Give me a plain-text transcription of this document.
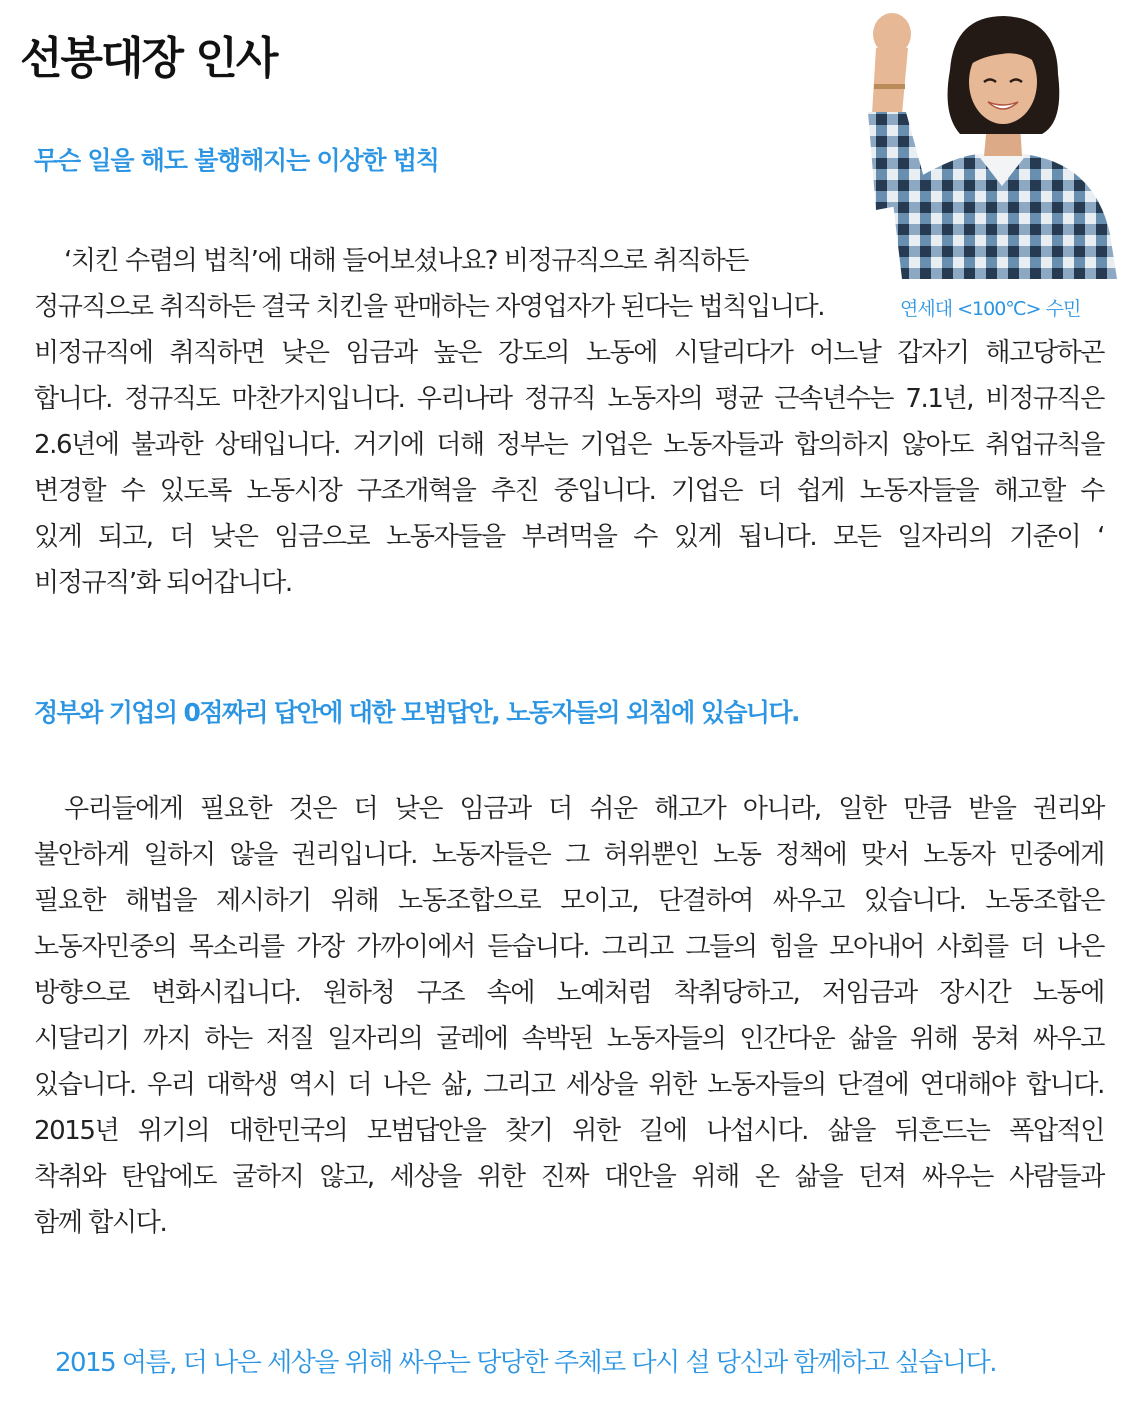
선봉대장 인사
무슨 일을 해도 불행해지는 이상한 법칙
‘치킨 수렴의 법칙’에 대해 들어보셨나요? 비정규직으로 취직하든
정규직으로 취직하든 결국 치킨을 판매하는 자영업자가 된다는 법칙입니다.
비정규직에 취직하면 낮은 임금과 높은 강도의 노동에 시달리다가 어느날 갑자기 해고당하곤
합니다. 정규직도 마찬가지입니다. 우리나라 정규직 노동자의 평균 근속년수는 7.1년, 비정규직은
2.6년에 불과한 상태입니다. 거기에 더해 정부는 기업은 노동자들과 합의하지 않아도 취업규칙을
변경할 수 있도록 노동시장 구조개혁을 추진 중입니다. 기업은 더 쉽게 노동자들을 해고할 수
있게 되고, 더 낮은 임금으로 노동자들을 부려먹을 수 있게 됩니다. 모든 일자리의 기준이 ‘
비정규직’화 되어갑니다.
연세대 <100℃> 수민
정부와 기업의 0점짜리 답안에 대한 모범답안, 노동자들의 외침에 있습니다.
우리들에게 필요한 것은 더 낮은 임금과 더 쉬운 해고가 아니라, 일한 만큼 받을 권리와
불안하게 일하지 않을 권리입니다. 노동자들은 그 허위뿐인 노동 정책에 맞서 노동자 민중에게
필요한 해법을 제시하기 위해 노동조합으로 모이고, 단결하여 싸우고 있습니다. 노동조합은
노동자민중의 목소리를 가장 가까이에서 듣습니다. 그리고 그들의 힘을 모아내어 사회를 더 나은
방향으로 변화시킵니다. 원하청 구조 속에 노예처럼 착취당하고, 저임금과 장시간 노동에
시달리기 까지 하는 저질 일자리의 굴레에 속박된 노동자들의 인간다운 삶을 위해 뭉쳐 싸우고
있습니다. 우리 대학생 역시 더 나은 삶, 그리고 세상을 위한 노동자들의 단결에 연대해야 합니다.
2015년 위기의 대한민국의 모범답안을 찾기 위한 길에 나섭시다. 삶을 뒤흔드는 폭압적인
착취와 탄압에도 굴하지 않고, 세상을 위한 진짜 대안을 위해 온 삶을 던져 싸우는 사람들과
함께 합시다.
2015 여름, 더 나은 세상을 위해 싸우는 당당한 주체로 다시 설 당신과 함께하고 싶습니다.
